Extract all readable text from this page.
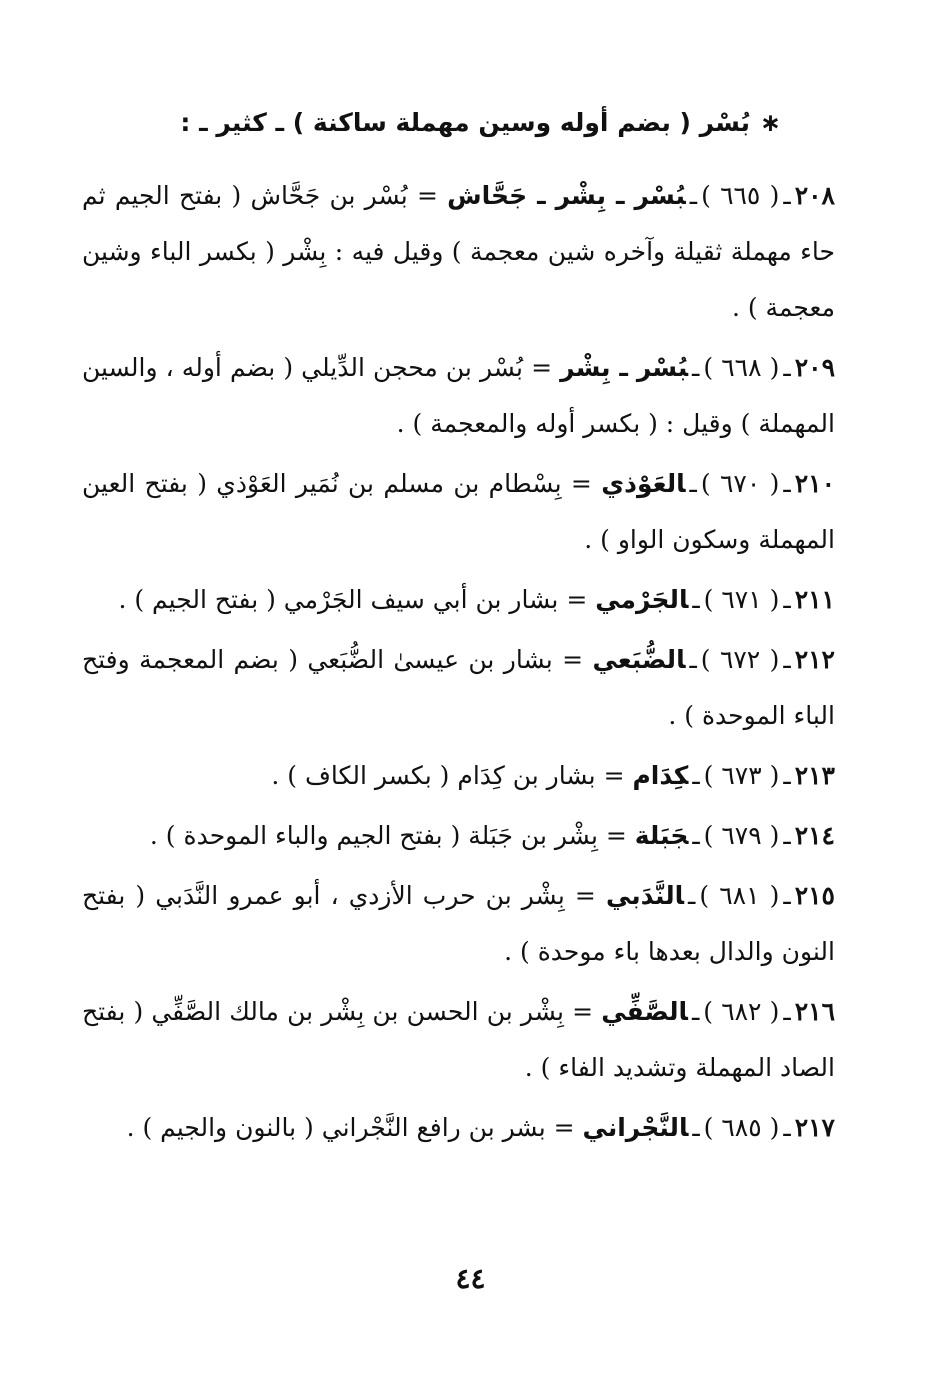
∗بُسْر ( بضم أوله وسين مهملة ساكنة ) ـ كثير ـ :
٢٠٨ـ( ٦٦٥ )ـبُسْر ـ بِشْر ـ جَحَّاش = بُسْر بن جَحَّاش ( بفتح الجيم ثم حاء مهملة ثقيلة وآخره شين معجمة ) وقيل فيه : بِشْر ( بكسر الباء وشين معجمة ) .
٢٠٩ـ( ٦٦٨ )ـبُسْر ـ بِشْر = بُسْر بن محجن الدِّيلي ( بضم أوله ، والسين المهملة ) وقيل : ( بكسر أوله والمعجمة ) .
٢١٠ـ( ٦٧٠ )ـالعَوْذي = بِسْطام بن مسلم بن نُمَير العَوْذي ( بفتح العين المهملة وسكون الواو ) .
٢١١ـ( ٦٧١ )ـالجَرْمي = بشار بن أبي سيف الجَرْمي ( بفتح الجيم ) .
٢١٢ـ( ٦٧٢ )ـالضُّبَعي = بشار بن عيسىٰ الضُّبَعي ( بضم المعجمة وفتح الباء الموحدة ) .
٢١٣ـ( ٦٧٣ )ـكِدَام = بشار بن كِدَام ( بكسر الكاف ) .
٢١٤ـ( ٦٧٩ )ـجَبَلة = بِشْر بن جَبَلة ( بفتح الجيم والباء الموحدة ) .
٢١٥ـ( ٦٨١ )ـالنَّدَبي = بِشْر بن حرب الأزدي ، أبو عمرو النَّدَبي ( بفتح النون والدال بعدها باء موحدة ) .
٢١٦ـ( ٦٨٢ )ـالصَّفِّي = بِشْر بن الحسن بن بِشْر بن مالك الصَّفِّي ( بفتح الصاد المهملة وتشديد الفاء ) .
٢١٧ـ( ٦٨٥ )ـالنَّجْراني = بشر بن رافع النَّجْراني ( بالنون والجيم ) .
٤٤
